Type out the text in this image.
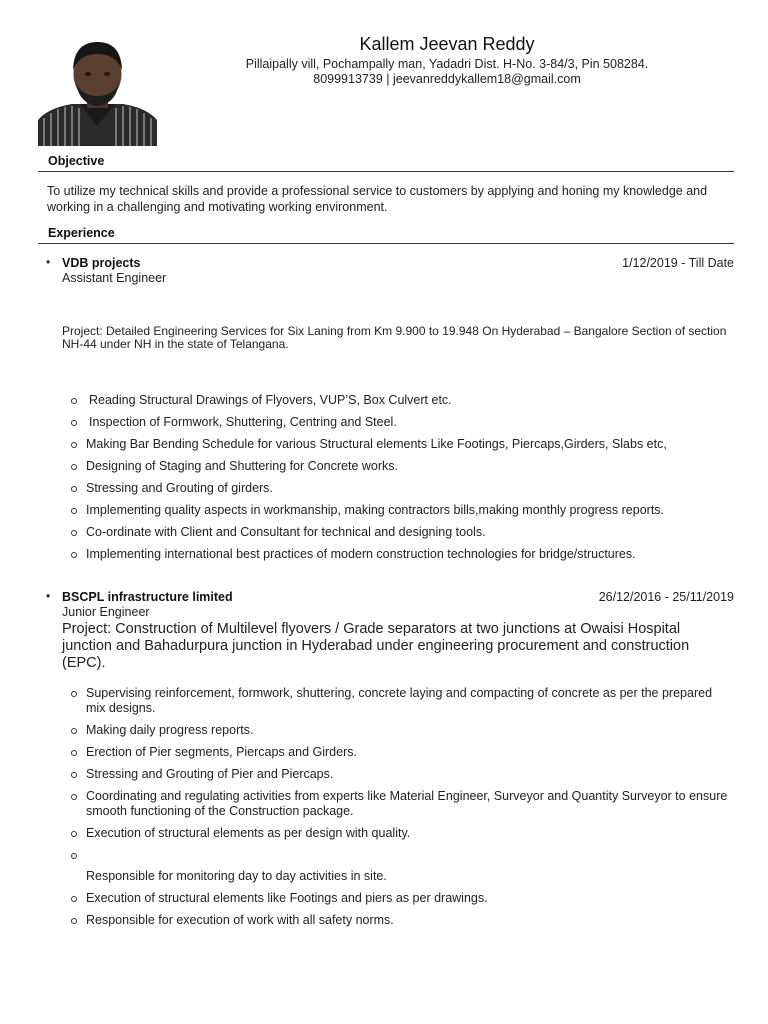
Kallem Jeevan Reddy
Pillaipally vill, Pochampally man, Yadadri Dist. H-No. 3-84/3, Pin 508284.
8099913739 | jeevanreddykallem18@gmail.com
Objective
To utilize my technical skills and provide a professional service to customers by applying and honing my knowledge and working in a challenging and motivating working environment.
Experience
• VDB projects	1/12/2019 - Till Date
Assistant Engineer
Project: Detailed Engineering Services for Six Laning from Km 9.900 to 19.948 On Hyderabad – Bangalore Section of section NH-44 under NH in the state of Telangana.
Reading Structural Drawings of Flyovers, VUP’S, Box Culvert etc.
Inspection of Formwork, Shuttering, Centring and Steel.
Making Bar Bending Schedule for various Structural elements Like Footings, Piercaps,Girders, Slabs etc,
Designing of Staging and Shuttering for Concrete works.
Stressing and Grouting of girders.
Implementing quality aspects in workmanship, making contractors bills,making monthly progress reports.
Co-ordinate with Client and Consultant for technical and designing tools.
Implementing international best practices of modern construction technologies for bridge/structures.
• BSCPL infrastructure limited	26/12/2016 - 25/11/2019
Junior Engineer
Project: Construction of Multilevel flyovers / Grade separators at two junctions at Owaisi Hospital junction and Bahadurpura junction in Hyderabad under engineering procurement and construction (EPC).
Supervising reinforcement, formwork, shuttering, concrete laying and compacting of concrete as per the prepared mix designs.
Making daily progress reports.
Erection of Pier segments, Piercaps and Girders.
Stressing and Grouting of Pier and Piercaps.
Coordinating and regulating activities from experts like Material Engineer, Surveyor and Quantity Surveyor to ensure smooth functioning of the Construction package.
Execution of structural elements as per design with quality.
Responsible for monitoring day to day activities in site.
Execution of structural elements like Footings and piers as per drawings.
Responsible for execution of work with all safety norms.
